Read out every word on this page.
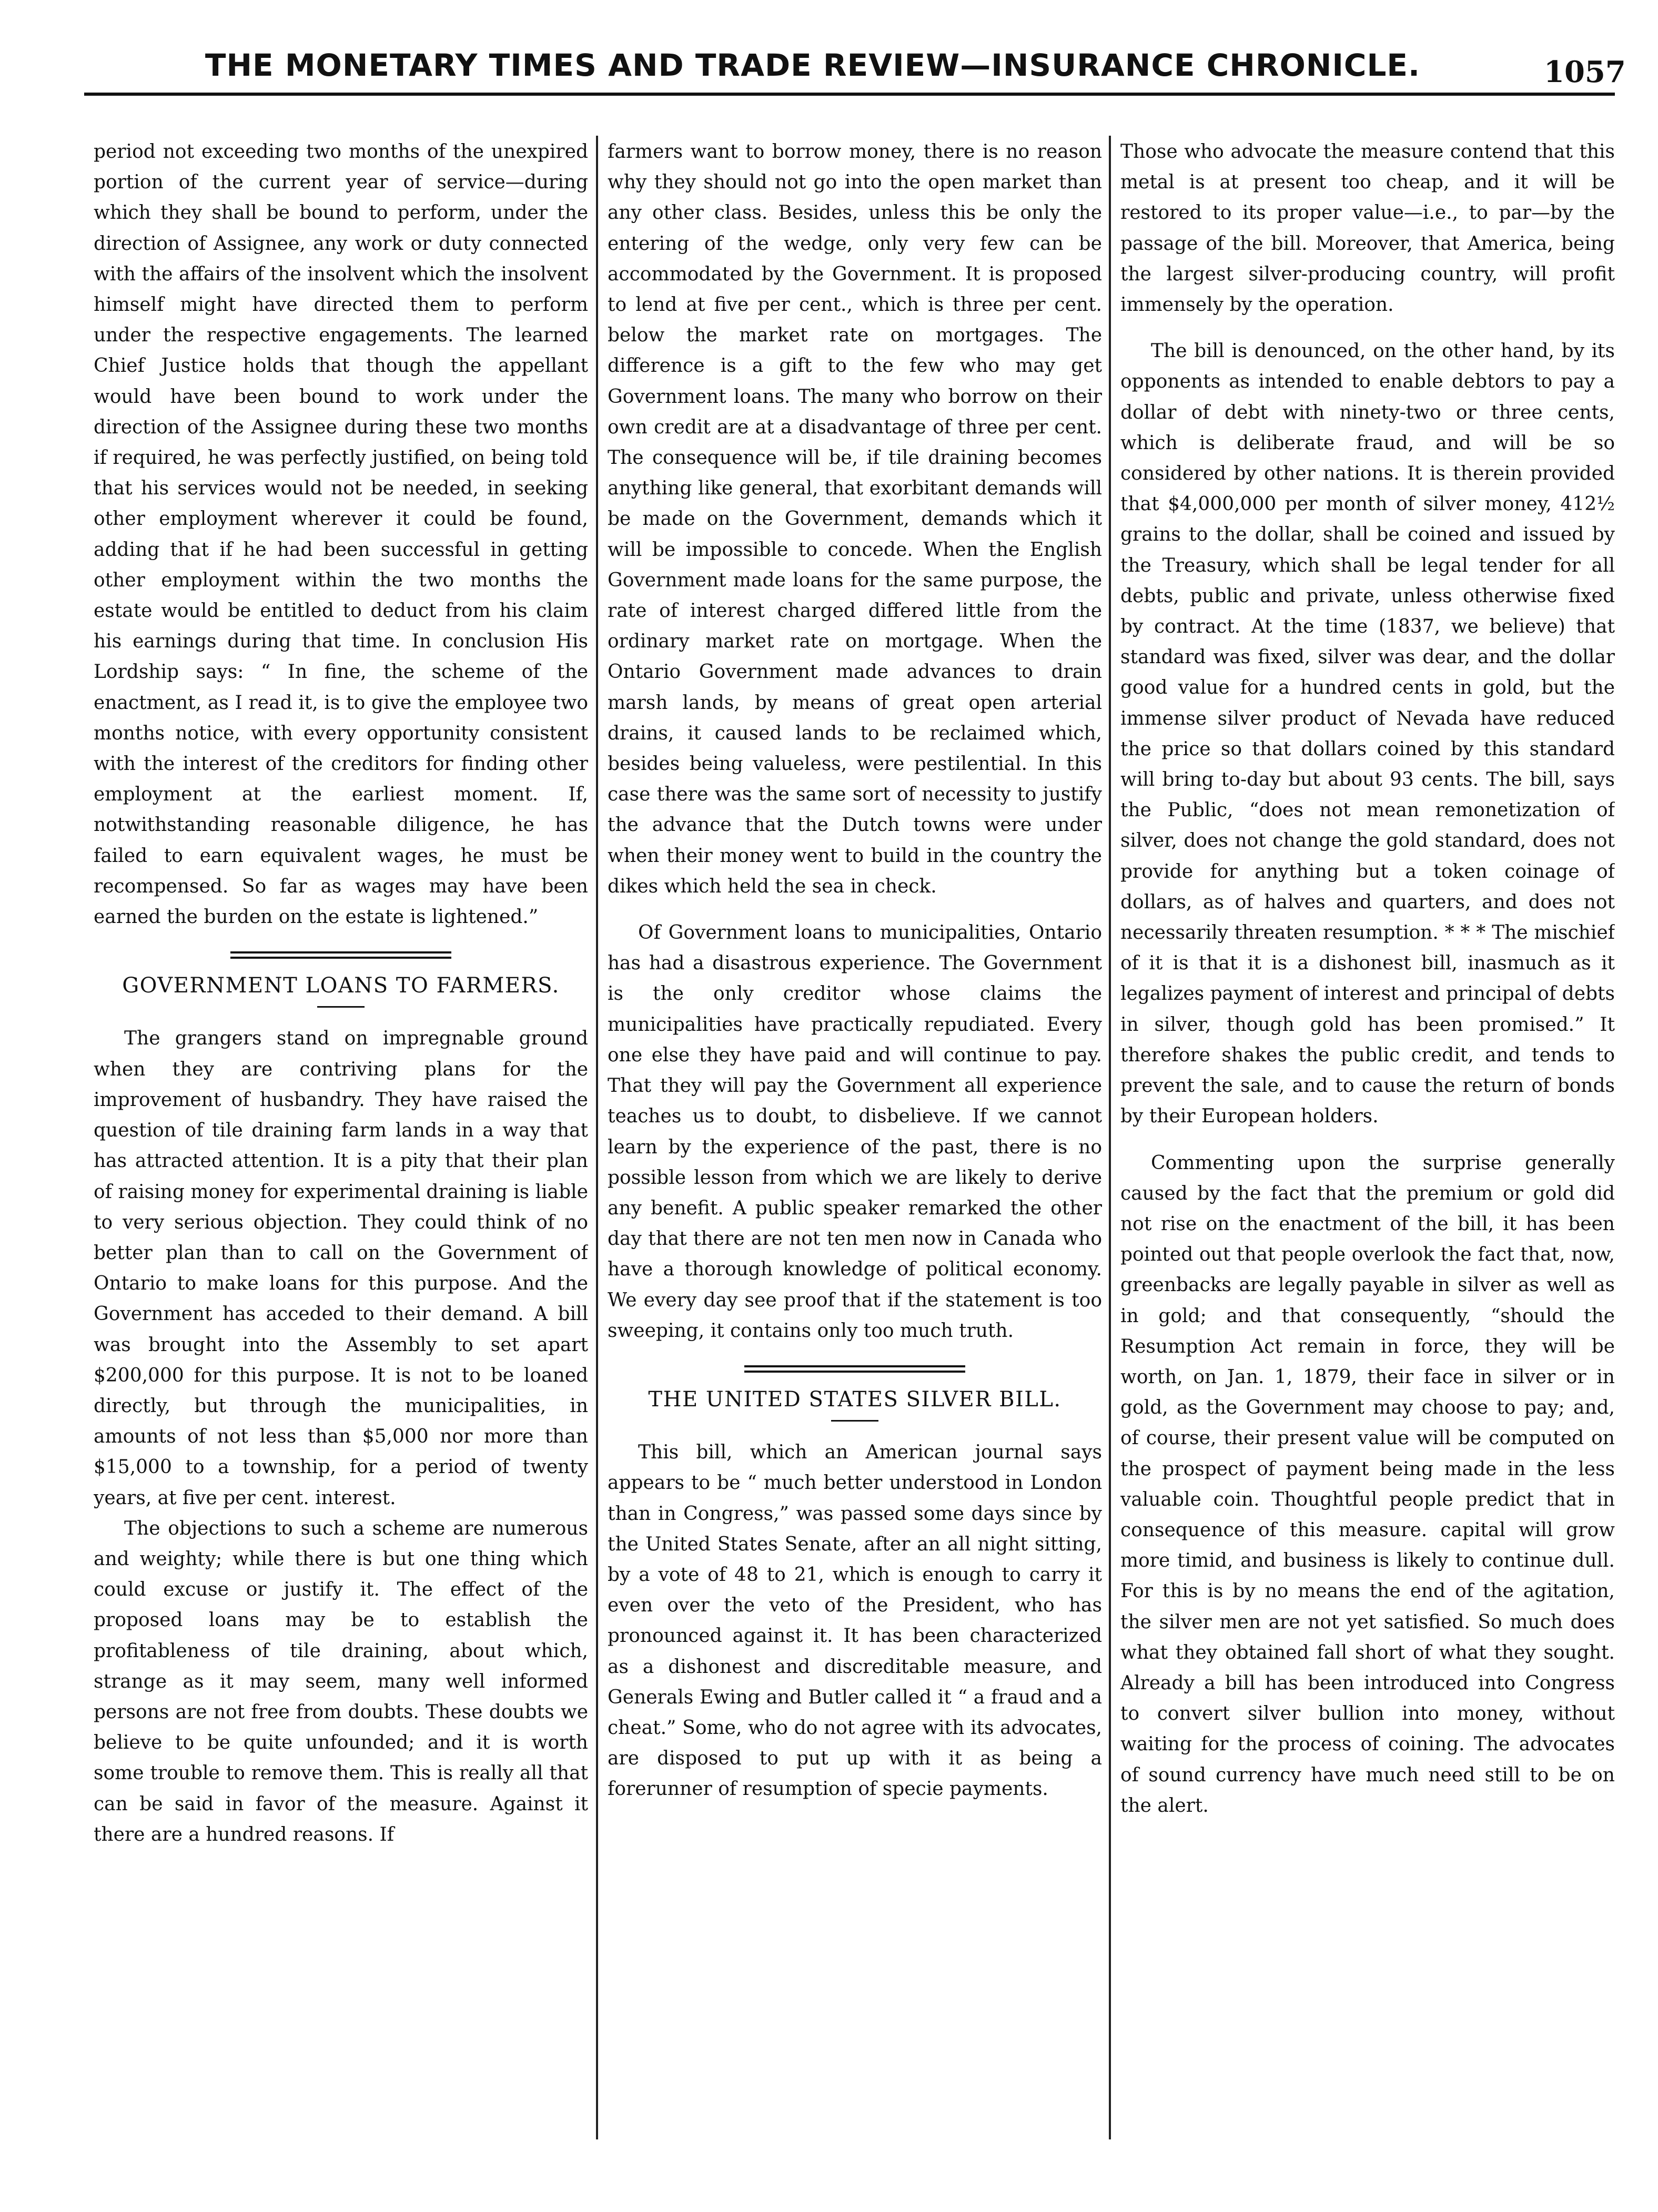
THE MONETARY TIMES AND TRADE REVIEW—INSURANCE CHRONICLE.	1057

period not exceeding two months of the unexpired portion of the current year of service—during which they shall be bound to perform, under the direction of Assignee, any work or duty connected with the affairs of the insolvent which the insolvent himself might have directed them to perform under the respective engagements. The learned Chief Justice holds that though the appellant would have been bound to work under the direction of the Assignee during these two months if required, he was perfectly justified, on being told that his services would not be needed, in seeking other employment wherever it could be found, adding that if he had been successful in getting other employment within the two months the estate would be entitled to deduct from his claim his earnings during that time. In conclusion His Lordship says: “ In fine, the scheme of the enactment, as I read it, is to give the employee two months notice, with every opportunity consistent with the interest of the creditors for finding other employment at the earliest moment. If, notwithstanding reasonable diligence, he has failed to earn equivalent wages, he must be recompensed. So far as wages may have been earned the burden on the estate is lightened.”

GOVERNMENT LOANS TO FARMERS.

The grangers stand on impregnable ground when they are contriving plans for the improvement of husbandry. They have raised the question of tile draining farm lands in a way that has attracted attention. It is a pity that their plan of raising money for experimental draining is liable to very serious objection. They could think of no better plan than to call on the Government of Ontario to make loans for this purpose. And the Government has acceded to their demand. A bill was brought into the Assembly to set apart $200,000 for this purpose. It is not to be loaned directly, but through the municipalities, in amounts of not less than $5,000 nor more than $15,000 to a township, for a period of twenty years, at five per cent. interest.

The objections to such a scheme are numerous and weighty; while there is but one thing which could excuse or justify it. The effect of the proposed loans may be to establish the profitableness of tile draining, about which, strange as it may seem, many well informed persons are not free from doubts. These doubts we believe to be quite unfounded; and it is worth some trouble to remove them. This is really all that can be said in favor of the measure. Against it there are a hundred reasons. If

farmers want to borrow money, there is no reason why they should not go into the open market than any other class. Besides, unless this be only the entering of the wedge, only very few can be accommodated by the Government. It is proposed to lend at five per cent., which is three per cent. below the market rate on mortgages. The difference is a gift to the few who may get Government loans. The many who borrow on their own credit are at a disadvantage of three per cent. The consequence will be, if tile draining becomes anything like general, that exorbitant demands will be made on the Government, demands which it will be impossible to concede. When the English Government made loans for the same purpose, the rate of interest charged differed little from the ordinary market rate on mortgage. When the Ontario Government made advances to drain marsh lands, by means of great open arterial drains, it caused lands to be reclaimed which, besides being valueless, were pestilential. In this case there was the same sort of necessity to justify the advance that the Dutch towns were under when their money went to build in the country the dikes which held the sea in check.

Of Government loans to municipalities, Ontario has had a disastrous experience. The Government is the only creditor whose claims the municipalities have practically repudiated. Every one else they have paid and will continue to pay. That they will pay the Government all experience teaches us to doubt, to disbelieve. If we cannot learn by the experience of the past, there is no possible lesson from which we are likely to derive any benefit. A public speaker remarked the other day that there are not ten men now in Canada who have a thorough knowledge of political economy. We every day see proof that if the statement is too sweeping, it contains only too much truth.

THE UNITED STATES SILVER BILL.

This bill, which an American journal says appears to be “ much better understood in London than in Congress,” was passed some days since by the United States Senate, after an all night sitting, by a vote of 48 to 21, which is enough to carry it even over the veto of the President, who has pronounced against it. It has been characterized as a dishonest and discreditable measure, and Generals Ewing and Butler called it “ a fraud and a cheat.” Some, who do not agree with its advocates, are disposed to put up with it as being a forerunner of resumption of specie payments.

Those who advocate the measure contend that this metal is at present too cheap, and it will be restored to its proper value—i.e., to par—by the passage of the bill. Moreover, that America, being the largest silver-producing country, will profit immensely by the operation.

The bill is denounced, on the other hand, by its opponents as intended to enable debtors to pay a dollar of debt with ninety-two or three cents, which is deliberate fraud, and will be so considered by other nations. It is therein provided that $4,000,000 per month of silver money, 412½ grains to the dollar, shall be coined and issued by the Treasury, which shall be legal tender for all debts, public and private, unless otherwise fixed by contract. At the time (1837, we believe) that standard was fixed, silver was dear, and the dollar good value for a hundred cents in gold, but the immense silver product of Nevada have reduced the price so that dollars coined by this standard will bring to-day but about 93 cents. The bill, says the Public, “does not mean remonetization of silver, does not change the gold standard, does not provide for anything but a token coinage of dollars, as of halves and quarters, and does not necessarily threaten resumption. * * * The mischief of it is that it is a dishonest bill, inasmuch as it legalizes payment of interest and principal of debts in silver, though gold has been promised.” It therefore shakes the public credit, and tends to prevent the sale, and to cause the return of bonds by their European holders.

Commenting upon the surprise generally caused by the fact that the premium or gold did not rise on the enactment of the bill, it has been pointed out that people overlook the fact that, now, greenbacks are legally payable in silver as well as in gold; and that consequently, “should the Resumption Act remain in force, they will be worth, on Jan. 1, 1879, their face in silver or in gold, as the Government may choose to pay; and, of course, their present value will be computed on the prospect of payment being made in the less valuable coin. Thoughtful people predict that in consequence of this measure. capital will grow more timid, and business is likely to continue dull. For this is by no means the end of the agitation, the silver men are not yet satisfied. So much does what they obtained fall short of what they sought. Already a bill has been introduced into Congress to convert silver bullion into money, without waiting for the process of coining. The advocates of sound currency have much need still to be on the alert.
